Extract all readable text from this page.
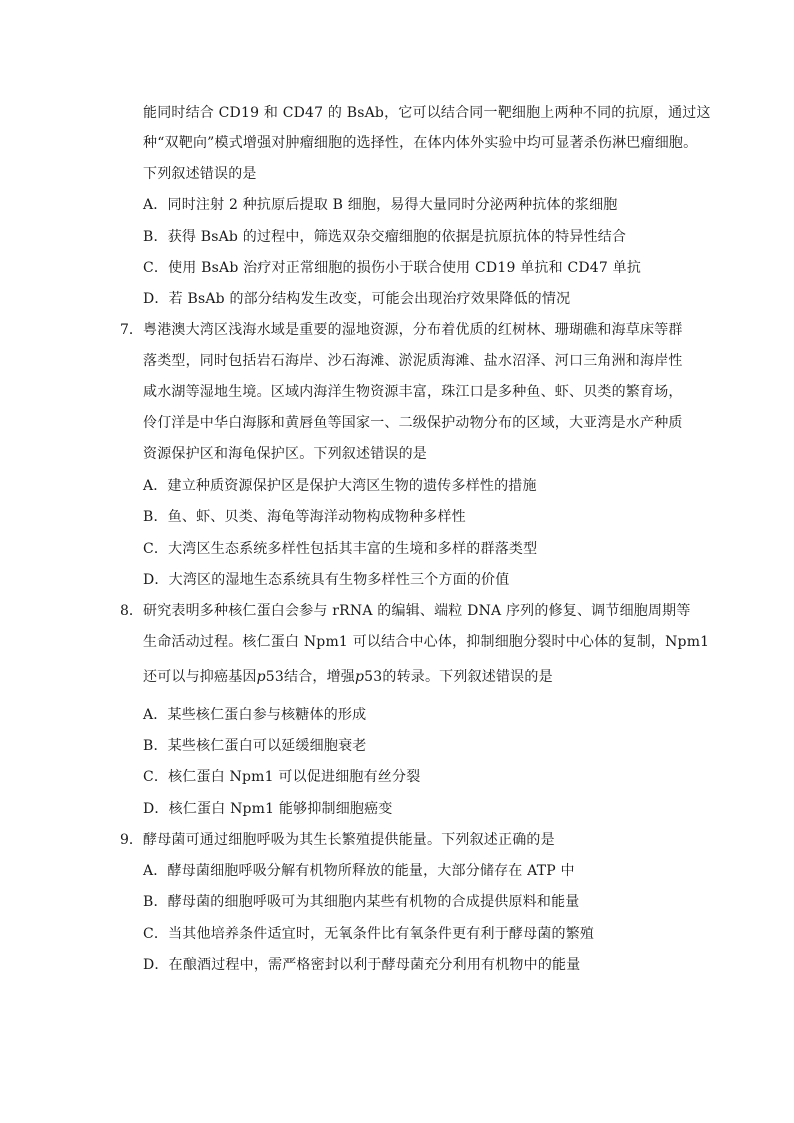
能同时结合 CD19 和 CD47 的 BsAb，它可以结合同一靶细胞上两种不同的抗原，通过这
种“双靶向”模式增强对肿瘤细胞的选择性，在体内体外实验中均可显著杀伤淋巴瘤细胞。
下列叙述错误的是
A．同时注射 2 种抗原后提取 B 细胞，易得大量同时分泌两种抗体的浆细胞
B．获得 BsAb 的过程中，筛选双杂交瘤细胞的依据是抗原抗体的特异性结合
C．使用 BsAb 治疗对正常细胞的损伤小于联合使用 CD19 单抗和 CD47 单抗
D．若 BsAb 的部分结构发生改变，可能会出现治疗效果降低的情况
7． 粤港澳大湾区浅海水域是重要的湿地资源，分布着优质的红树林、珊瑚礁和海草床等群
落类型，同时包括岩石海岸、沙石海滩、淤泥质海滩、盐水沼泽、河口三角洲和海岸性
咸水湖等湿地生境。区域内海洋生物资源丰富，珠江口是多种鱼、虾、贝类的繁育场，
伶仃洋是中华白海豚和黄唇鱼等国家一、二级保护动物分布的区域，大亚湾是水产种质
资源保护区和海龟保护区。下列叙述错误的是
A．建立种质资源保护区是保护大湾区生物的遗传多样性的措施
B．鱼、虾、贝类、海龟等海洋动物构成物种多样性
C．大湾区生态系统多样性包括其丰富的生境和多样的群落类型
D．大湾区的湿地生态系统具有生物多样性三个方面的价值
8． 研究表明多种核仁蛋白会参与 rRNA 的编辑、端粒 DNA 序列的修复、调节细胞周期等
生命活动过程。核仁蛋白 Npm1 可以结合中心体，抑制细胞分裂时中心体的复制，Npm1
还可以与抑癌基因p53结合，增强p53的转录。下列叙述错误的是
A．某些核仁蛋白参与核糖体的形成
B．某些核仁蛋白可以延缓细胞衰老
C．核仁蛋白 Npm1 可以促进细胞有丝分裂
D．核仁蛋白 Npm1 能够抑制细胞癌变
9． 酵母菌可通过细胞呼吸为其生长繁殖提供能量。下列叙述正确的是
A．酵母菌细胞呼吸分解有机物所释放的能量，大部分储存在 ATP 中
B．酵母菌的细胞呼吸可为其细胞内某些有机物的合成提供原料和能量
C．当其他培养条件适宜时，无氧条件比有氧条件更有利于酵母菌的繁殖
D．在酿酒过程中，需严格密封以利于酵母菌充分利用有机物中的能量
